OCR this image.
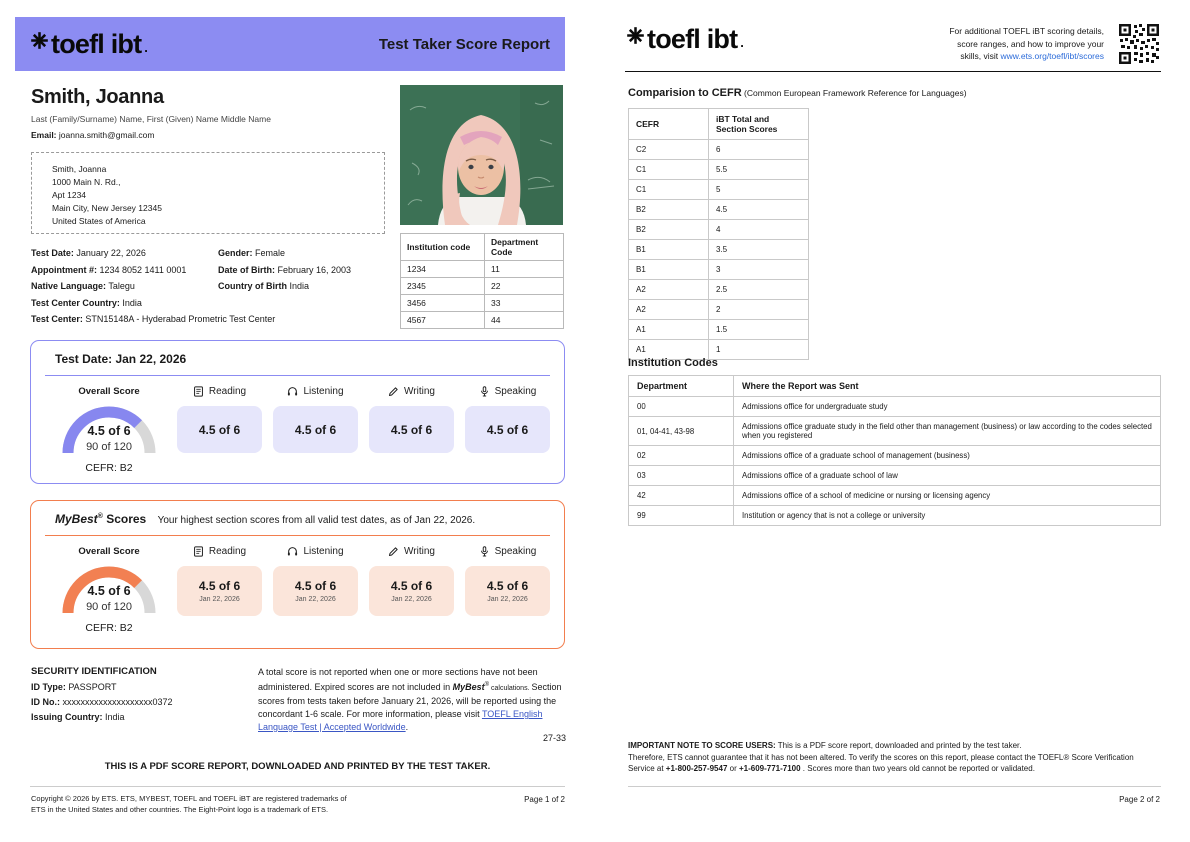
toefl ibt .	Test Taker Score Report
Smith, Joanna
Last (Family/Surname) Name, First (Given) Name Middle Name
Email: joanna.smith@gmail.com
Smith, Joanna
1000 Main N. Rd.,
Apt 1234
Main City, New Jersey 12345
United States of America
Test Date: January 22, 2026
Appointment #: 1234 8052 1411 0001
Native Language: Talegu
Test Center Country: India
Test Center: STN15148A - Hyderabad Prometric Test Center
Gender: Female
Date of Birth: February 16, 2003
Country of Birth India
Institution code	Department Code
1234	11
2345	22
3456	33
4567	44
Test Date: Jan 22, 2026
Overall Score
4.5 of 6
90 of 120
CEFR: B2
Reading
4.5 of 6
Listening
4.5 of 6
Writing
4.5 of 6
Speaking
4.5 of 6
MyBest® Scores Your highest section scores from all valid test dates, as of Jan 22, 2026.
Overall Score
4.5 of 6
90 of 120
CEFR: B2
Reading
4.5 of 6
Jan 22, 2026
Listening
4.5 of 6
Jan 22, 2026
Writing
4.5 of 6
Jan 22, 2026
Speaking
4.5 of 6
Jan 22, 2026
SECURITY IDENTIFICATION
ID Type: PASSPORT
ID No.: xxxxxxxxxxxxxxxxxxxx0372
Issuing Country: India
A total score is not reported when one or more sections have not been administered. Expired scores are not included in MyBest® calculations. Section scores from tests taken before January 21, 2026, will be reported using the concordant 1-6 scale. For more information, please visit TOEFL English Language Test | Accepted Worldwide.
27-33
THIS IS A PDF SCORE REPORT, DOWNLOADED AND PRINTED BY THE TEST TAKER.
Copyright © 2026 by ETS. ETS, MYBEST, TOEFL and TOEFL iBT are registered trademarks of
ETS in the United States and other countries. The Eight-Point logo is a trademark of ETS.
Page 1 of 2
toefl ibt .
For additional TOEFL iBT scoring details,
score ranges, and how to improve your
skills, visit www.ets.org/toefl/ibt/scores
Comparision to CEFR (Common European Framework Reference for Languages)
CEFR	iBT Total and Section Scores
C2	6
C1	5.5
C1	5
B2	4.5
B2	4
B1	3.5
B1	3
A2	2.5
A2	2
A1	1.5
A1	1
Institution Codes
Department	Where the Report was Sent
00	Admissions office for undergraduate study
01, 04-41, 43-98	Admissions office graduate study in the field other than management (business) or law according to the codes selected when you registered
02	Admissions office of a graduate school of management (business)
03	Admissions office of a graduate school of law
42	Admissions office of a school of medicine or nursing or licensing agency
99	Institution or agency that is not a college or university
IMPORTANT NOTE TO SCORE USERS: This is a PDF score report, downloaded and printed by the test taker.
Therefore, ETS cannot guarantee that it has not been altered. To verify the scores on this report, please contact the TOEFL® Score Verification Service at +1-800-257-9547 or +1-609-771-7100 . Scores more than two years old cannot be reported or validated.
Page 2 of 2
